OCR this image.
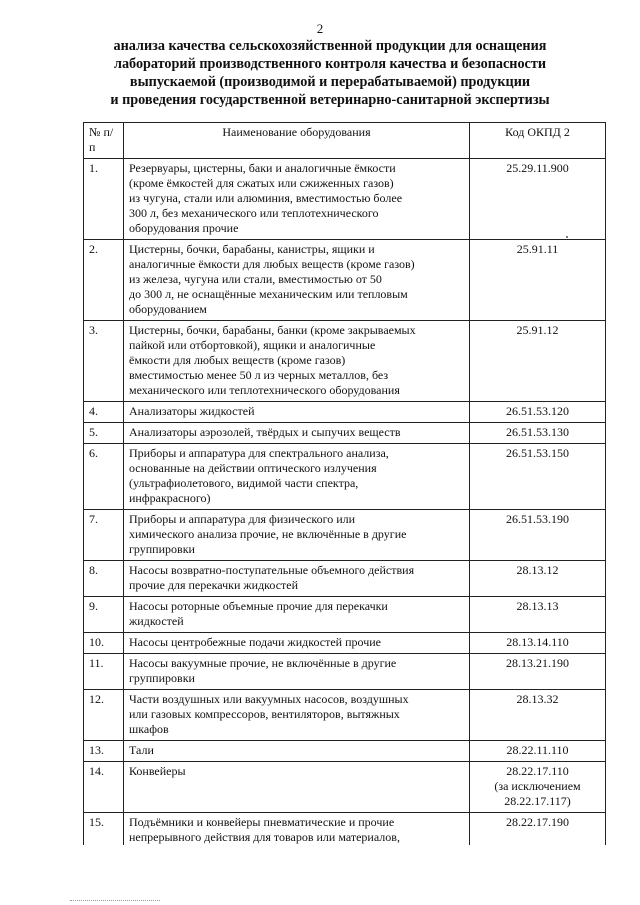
2
анализа качества сельскохозяйственной продукции для оснащения
лабораторий производственного контроля качества и безопасности
выпускаемой (производимой и перерабатываемой) продукции
и проведения государственной ветеринарно-санитарной экспертизы
№ п/п	Наименование оборудования	Код ОКПД 2
1.	Резервуары, цистерны, баки и аналогичные ёмкости
(кроме ёмкостей для сжатых или сжиженных газов)
из чугуна, стали или алюминия, вместимостью более
300 л, без механического или теплотехнического
оборудования прочие	25.29.11.900

2.	Цистерны, бочки, барабаны, канистры, ящики и
аналогичные ёмкости для любых веществ (кроме газов)
из железа, чугуна или стали, вместимостью от 50
до 300 л, не оснащённые механическим или тепловым
оборудованием	25.91.11

3.	Цистерны, бочки, барабаны, банки (кроме закрываемых
пайкой или отбортовкой), ящики и аналогичные
ёмкости для любых веществ (кроме газов)
вместимостью менее 50 л из черных металлов, без
механического или теплотехнического оборудования	25.91.12

4.	Анализаторы жидкостей	26.51.53.120

5.	Анализаторы аэрозолей, твёрдых и сыпучих веществ	26.51.53.130

6.	Приборы и аппаратура для спектрального анализа,
основанные на действии оптического излучения
(ультрафиолетового, видимой части спектра,
инфракрасного)	26.51.53.150

7.	Приборы и аппаратура для физического или
химического анализа прочие, не включённые в другие
группировки	26.51.53.190

8.	Насосы возвратно-поступательные объемного действия
прочие для перекачки жидкостей	28.13.12

9.	Насосы роторные объемные прочие для перекачки
жидкостей	28.13.13

10.	Насосы центробежные подачи жидкостей прочие	28.13.14.110

11.	Насосы вакуумные прочие, не включённые в другие
группировки	28.13.21.190

12.	Части воздушных или вакуумных насосов, воздушных
или газовых компрессоров, вентиляторов, вытяжных
шкафов	28.13.32

13.	Тали	28.22.11.110

14.	Конвейеры	28.22.17.110
(за исключением
28.22.17.117)

15.	Подъёмники и конвейеры пневматические и прочие
непрерывного действия для товаров или материалов,	28.22.17.190
